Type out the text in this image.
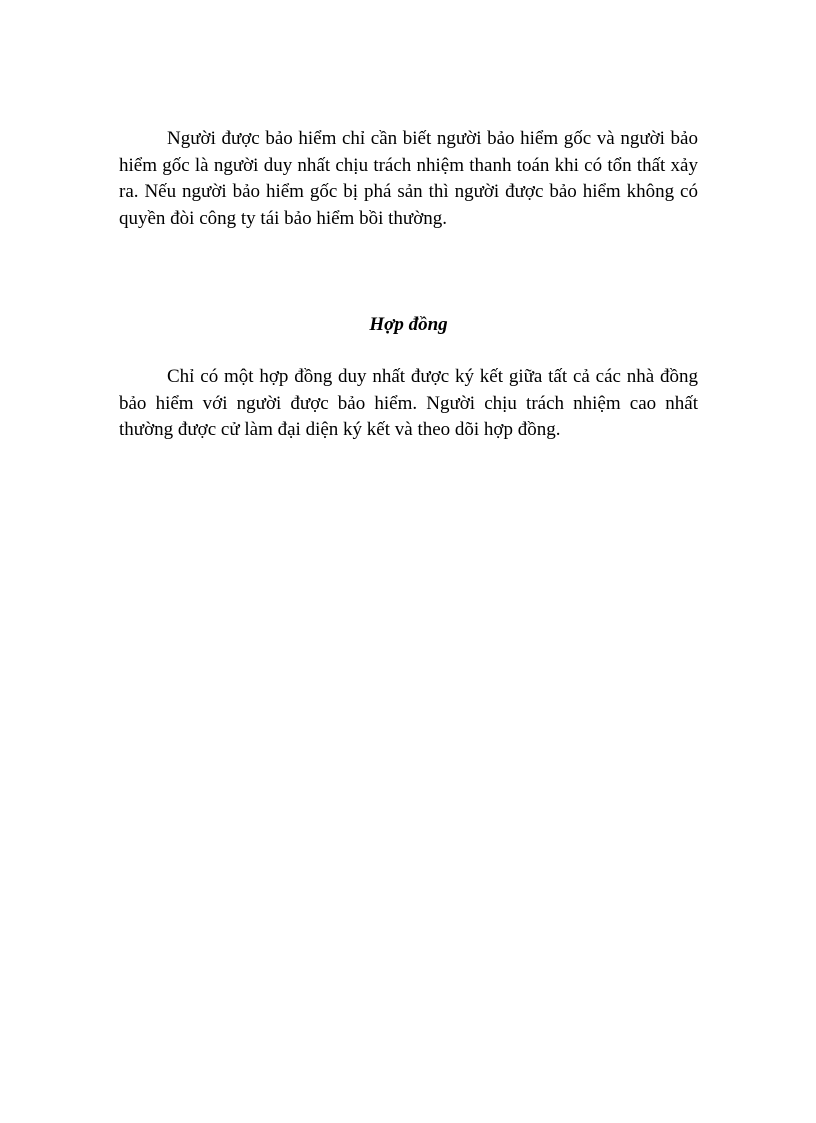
Người được bảo hiểm chỉ cần biết người bảo hiểm gốc và người bảo hiểm gốc là người duy nhất chịu trách nhiệm thanh toán khi có tổn thất xảy ra. Nếu người bảo hiểm gốc bị phá sản thì người được bảo hiểm không có quyền đòi công ty tái bảo hiểm bồi thường.

Hợp đồng

Chỉ có một hợp đồng duy nhất được ký kết giữa tất cả các nhà đồng bảo hiểm với người được bảo hiểm. Người chịu trách nhiệm cao nhất thường được cử làm đại diện ký kết và theo dõi hợp đồng.
